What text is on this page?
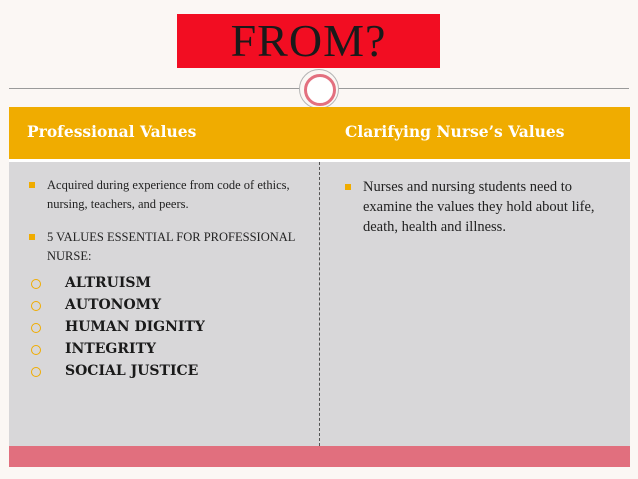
FROM?
Professional Values	Clarifying Nurse’s Values
Acquired during experience from code of ethics, nursing, teachers, and peers.
5 VALUES ESSENTIAL FOR PROFESSIONAL NURSE:
ALTRUISM
AUTONOMY
HUMAN DIGNITY
INTEGRITY
SOCIAL JUSTICE
Nurses and nursing students need to examine the values they hold about life, death, health and illness.
